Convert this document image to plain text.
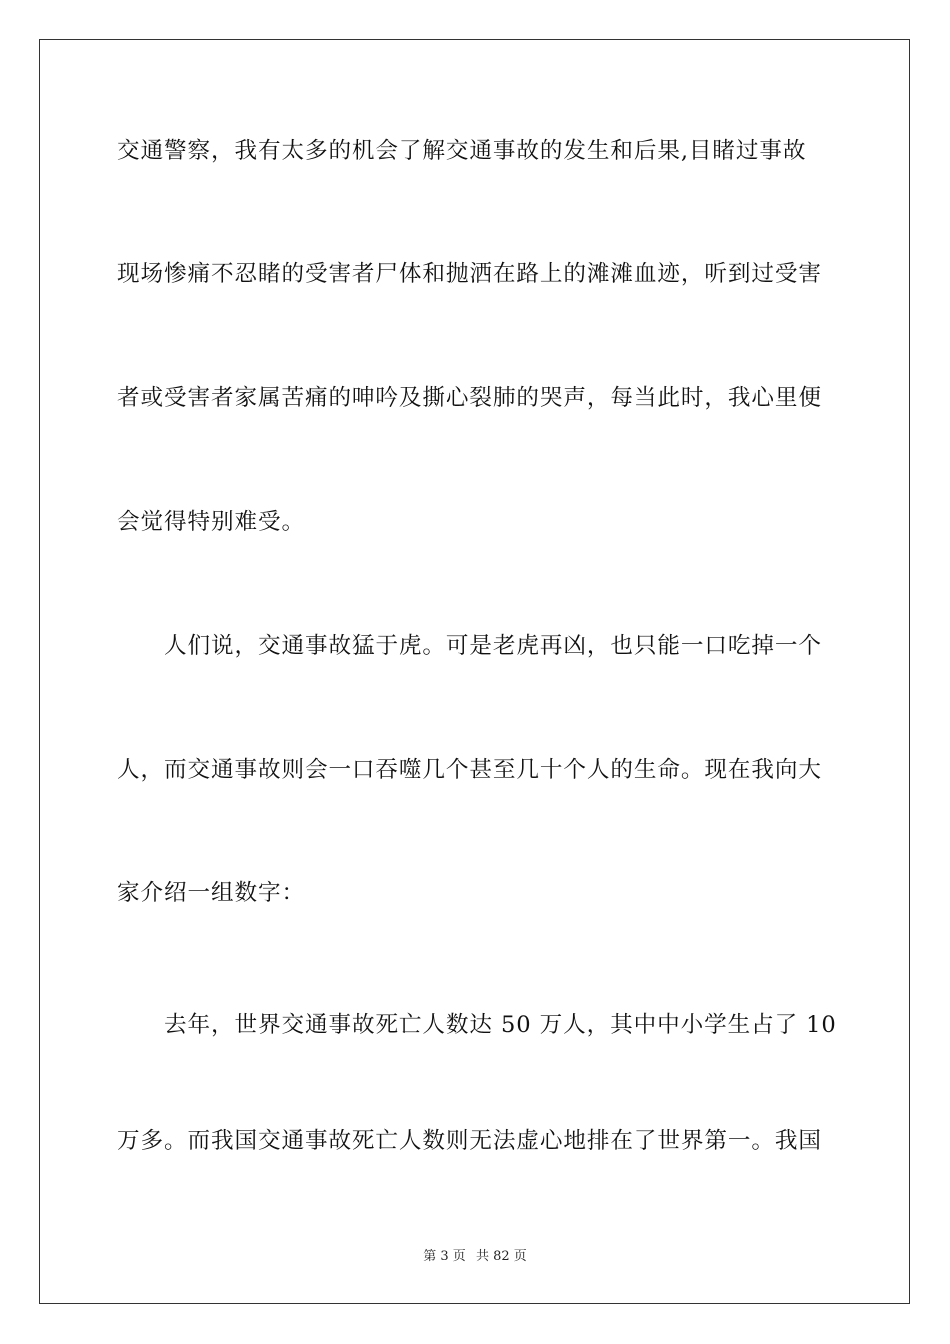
交通警察，我有太多的机会了解交通事故的发生和后果,目睹过事故
现场惨痛不忍睹的受害者尸体和抛洒在路上的滩滩血迹，听到过受害
者或受害者家属苦痛的呻吟及撕心裂肺的哭声，每当此时，我心里便
会觉得特别难受。
人们说，交通事故猛于虎。可是老虎再凶，也只能一口吃掉一个
人，而交通事故则会一口吞噬几个甚至几十个人的生命。现在我向大
家介绍一组数字：
去年，世界交通事故死亡人数达 50 万人，其中中小学生占了 10
万多。而我国交通事故死亡人数则无法虚心地排在了世界第一。我国
第 3 页 共 82 页
